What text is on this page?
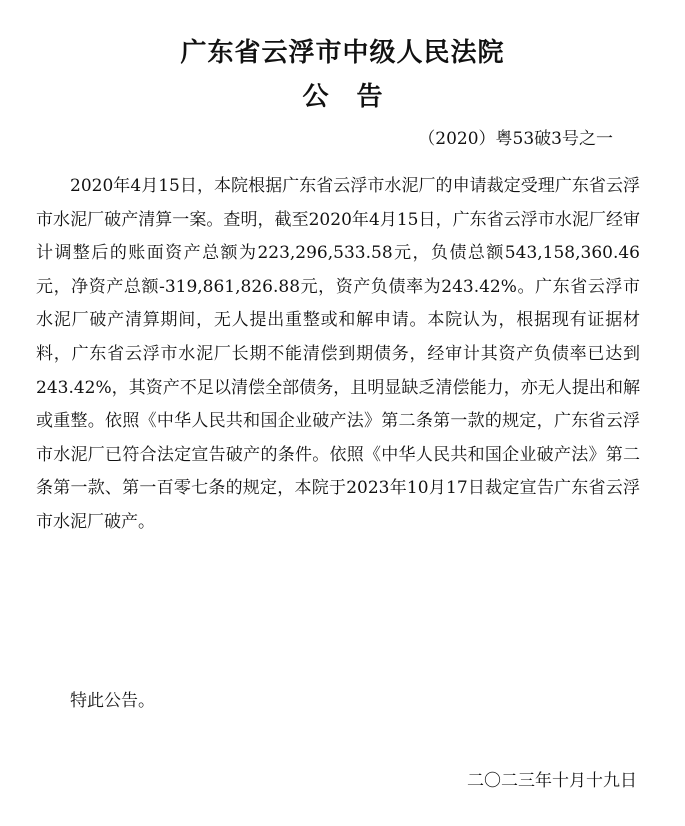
广东省云浮市中级人民法院
公告
（2020）粤53破3号之一

2020年4月15日，本院根据广东省云浮市水泥厂的申请裁定受理广东省云浮市水泥厂破产清算一案。查明，截至2020年4月15日，广东省云浮市水泥厂经审计调整后的账面资产总额为223,296,533.58元，负债总额543,158,360.46元，净资产总额-319,861,826.88元，资产负债率为243.42%。广东省云浮市水泥厂破产清算期间，无人提出重整或和解申请。本院认为，根据现有证据材料，广东省云浮市水泥厂长期不能清偿到期债务，经审计其资产负债率已达到243.42%，其资产不足以清偿全部债务，且明显缺乏清偿能力，亦无人提出和解或重整。依照《中华人民共和国企业破产法》第二条第一款的规定，广东省云浮市水泥厂已符合法定宣告破产的条件。依照《中华人民共和国企业破产法》第二条第一款、第一百零七条的规定，本院于2023年10月17日裁定宣告广东省云浮市水泥厂破产。

特此公告。
二〇二三年十月十九日
